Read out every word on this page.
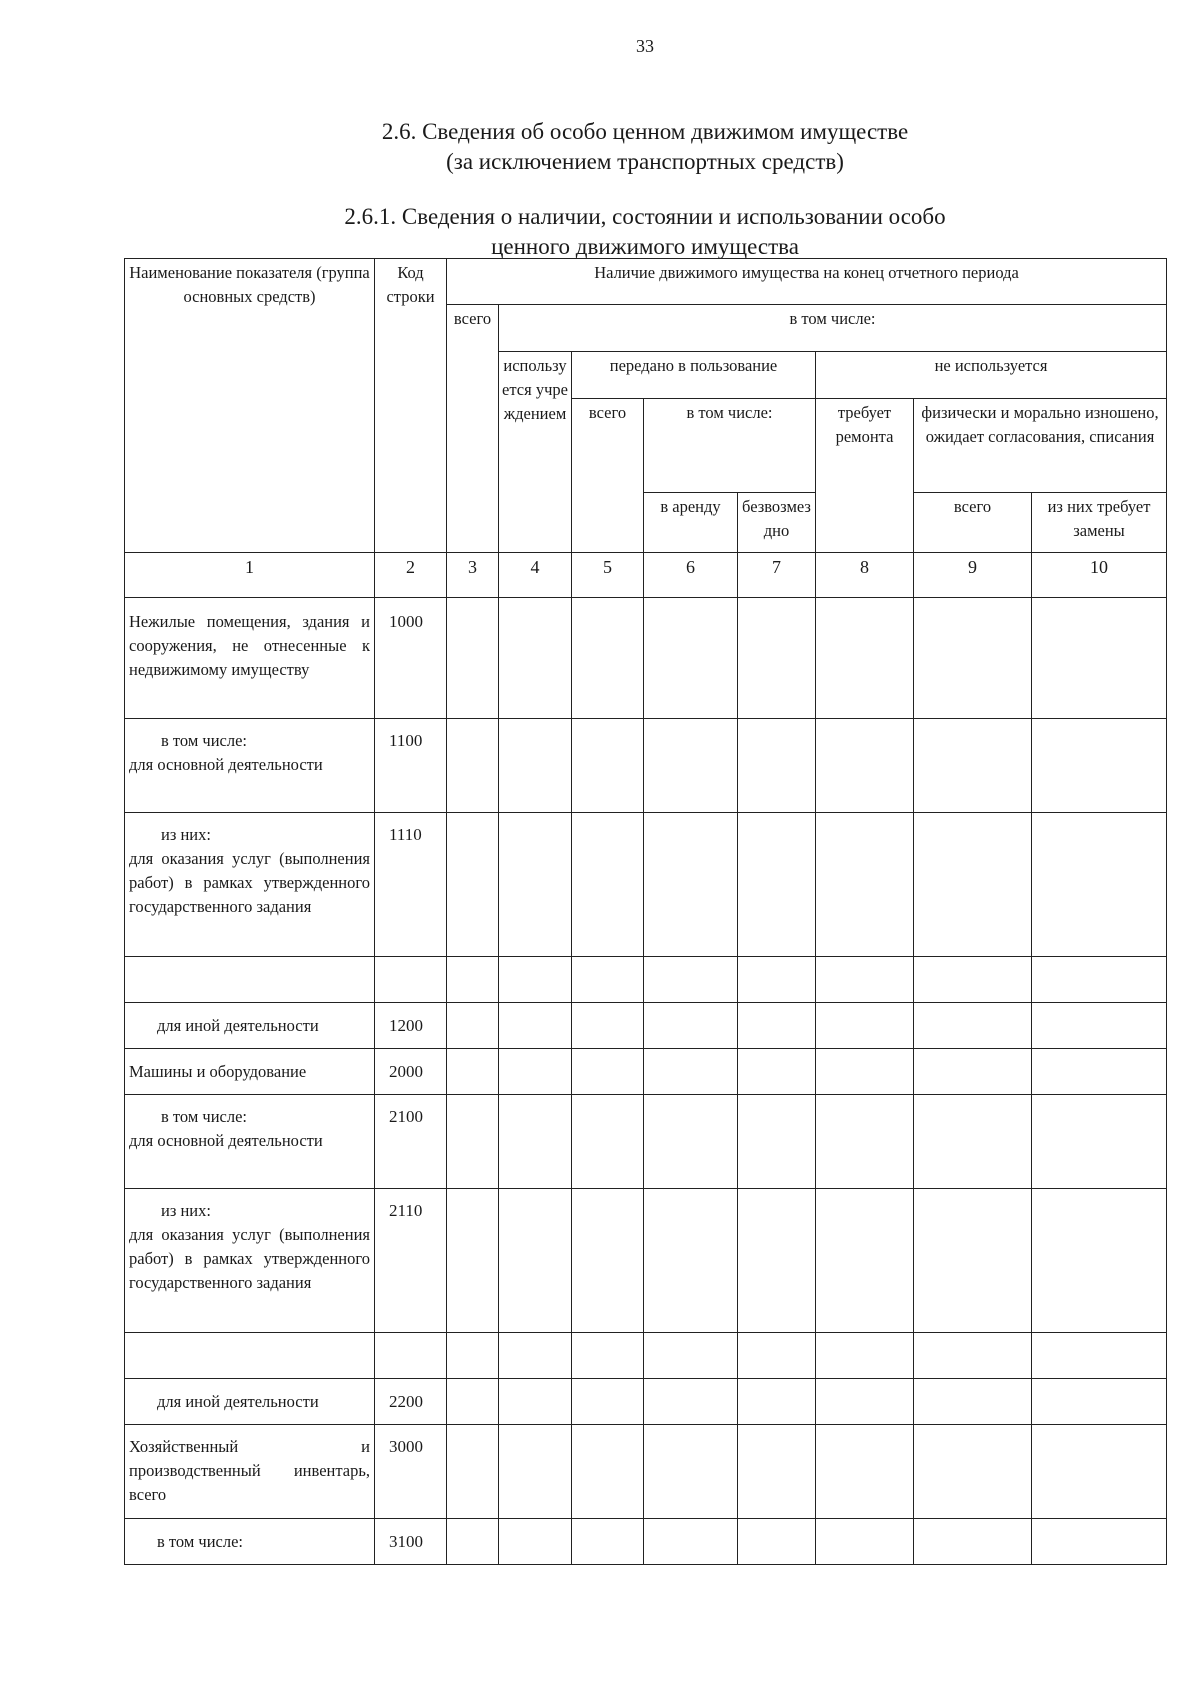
33
2.6. Сведения об особо ценном движимом имуществе
(за исключением транспортных средств)
2.6.1. Сведения о наличии, состоянии и использовании особо
ценного движимого имущества
Наименование показателя (группа основных средств)	Код строки	Наличие движимого имущества на конец отчетного периода							
		всего	в том числе:						
			используется учреждением	передано в пользование			не используется		
				всего	в том числе:		требует ремонта	физически и морально изношено, ожидает согласования, списания	
					в аренду	безвозмездно		всего	из них требует замены
1	2	3	4	5	6	7	8	9	10

Нежилые помещения, здания и сооружения, не отнесенные к недвижимому имуществу	1000								

в том числе:
для основной деятельности	1100								

из них:
для оказания услуг (выполнения работ) в рамках утвержденного государственного задания	1110								

для иной деятельности	1200								
Машины и оборудование	2000								

в том числе:
для основной деятельности	2100								

из них:
для оказания услуг (выполнения работ) в рамках утвержденного государственного задания	2110								

для иной деятельности	2200								

Хозяйственный и производственный инвентарь, всего	3000								
в том числе:	3100								
